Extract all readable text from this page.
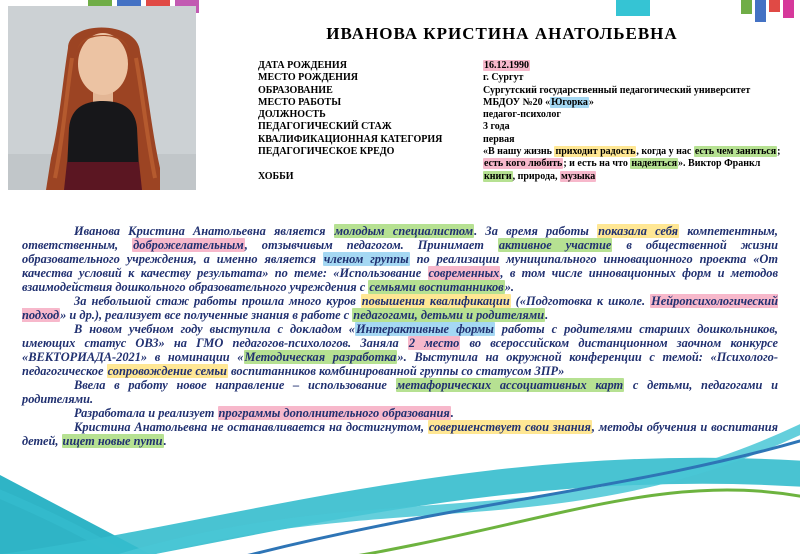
ИВАНОВА КРИСТИНА АНАТОЛЬЕВНА
ДАТА РОЖДЕНИЯ	16.12.1990
МЕСТО РОЖДЕНИЯ	г. Сургут
ОБРАЗОВАНИЕ	Сургутский государственный педагогический университет
МЕСТО РАБОТЫ	МБДОУ №20 «Югорка»
ДОЛЖНОСТЬ	педагог-психолог
ПЕДАГОГИЧЕСКИЙ СТАЖ	3 года
КВАЛИФИКАЦИОННАЯ КАТЕГОРИЯ	первая
ПЕДАГОГИЧЕСКОЕ КРЕДО	«В нашу жизнь приходит радость, когда у нас есть чем заняться; есть кого любить; и есть на что надеяться». Виктор Франкл
ХОББИ	книги, природа, музыка

Иванова Кристина Анатольевна является молодым специалистом. За время работы показала себя компетентным, ответственным, доброжелательным, отзывчивым педагогом. Принимает активное участие в общественной жизни образовательного учреждения, а именно является членом группы по реализации муниципального инновационного проекта «От качества условий к качеству результата» по теме: «Использование современных, в том числе инновационных форм и методов взаимодействия дошкольного образовательного учреждения с семьями воспитанников».

За небольшой стаж работы прошла много куров повышения квалификации («Подготовка к школе. Нейропсихологический подход» и др.), реализует все полученные знания в работе с педагогами, детьми и родителями.

В новом учебном году выступила с докладом «Интерактивные формы работы с родителями старших дошкольников, имеющих статус ОВЗ» на ГМО педагогов-психологов. Заняла 2 место во всероссийском дистанционном заочном конкурсе «ВЕКТОРИАДА-2021» в номинации «Методическая разработка». Выступила на окружной конференции с темой: «Психолого-педагогическое сопровождение семьи воспитанников комбинированной группы со статусом ЗПР»

Ввела в работу новое направление – использование метафорических ассоциативных карт с детьми, педагогами и родителями.

Разработала и реализует программы дополнительного образования.

Кристина Анатольевна не останавливается на достигнутом, совершенствует свои знания, методы обучения и воспитания детей, ищет новые пути.
